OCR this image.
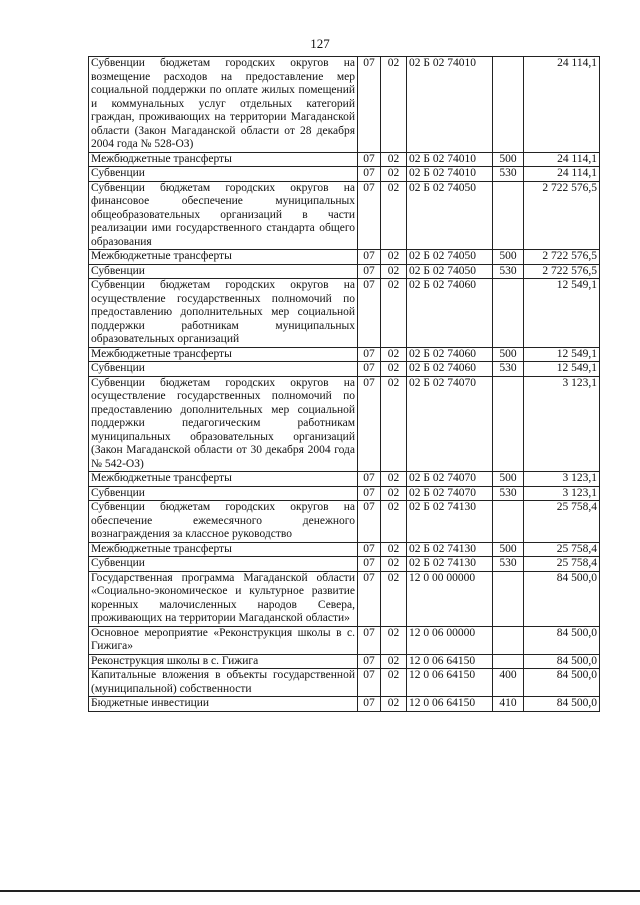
127
Субвенции бюджетам городских округов на возмещение расходов на предоставление мер социальной поддержки по оплате жилых помещений и коммунальных услуг отдельных категорий граждан, проживающих на территории Магаданской области (Закон Магаданской области от 28 декабря 2004 года № 528-ОЗ)	07	02	02 Б 02 74010		24 114,1
Межбюджетные трансферты	07	02	02 Б 02 74010	500	24 114,1
Субвенции	07	02	02 Б 02 74010	530	24 114,1
Субвенции бюджетам городских округов на финансовое обеспечение муниципальных общеобразовательных организаций в части реализации ими государственного стандарта общего образования	07	02	02 Б 02 74050		2 722 576,5
Межбюджетные трансферты	07	02	02 Б 02 74050	500	2 722 576,5
Субвенции	07	02	02 Б 02 74050	530	2 722 576,5
Субвенции бюджетам городских округов на осуществление государственных полномочий по предоставлению дополнительных мер социальной поддержки работникам муниципальных образовательных организаций	07	02	02 Б 02 74060		12 549,1
Межбюджетные трансферты	07	02	02 Б 02 74060	500	12 549,1
Субвенции	07	02	02 Б 02 74060	530	12 549,1
Субвенции бюджетам городских округов на осуществление государственных полномочий по предоставлению дополнительных мер социальной поддержки педагогическим работникам муниципальных образовательных организаций (Закон Магаданской области от 30 декабря 2004 года № 542-ОЗ)	07	02	02 Б 02 74070		3 123,1
Межбюджетные трансферты	07	02	02 Б 02 74070	500	3 123,1
Субвенции	07	02	02 Б 02 74070	530	3 123,1
Субвенции бюджетам городских округов на обеспечение ежемесячного денежного вознаграждения за классное руководство	07	02	02 Б 02 74130		25 758,4
Межбюджетные трансферты	07	02	02 Б 02 74130	500	25 758,4
Субвенции	07	02	02 Б 02 74130	530	25 758,4
Государственная программа Магаданской области «Социально-экономическое и культурное развитие коренных малочисленных народов Севера, проживающих на территории Магаданской области»	07	02	12 0 00 00000		84 500,0
Основное мероприятие «Реконструкция школы в с. Гижига»	07	02	12 0 06 00000		84 500,0
Реконструкция школы в с. Гижига	07	02	12 0 06 64150		84 500,0
Капитальные вложения в объекты государственной (муниципальной) собственности	07	02	12 0 06 64150	400	84 500,0
Бюджетные инвестиции	07	02	12 0 06 64150	410	84 500,0
